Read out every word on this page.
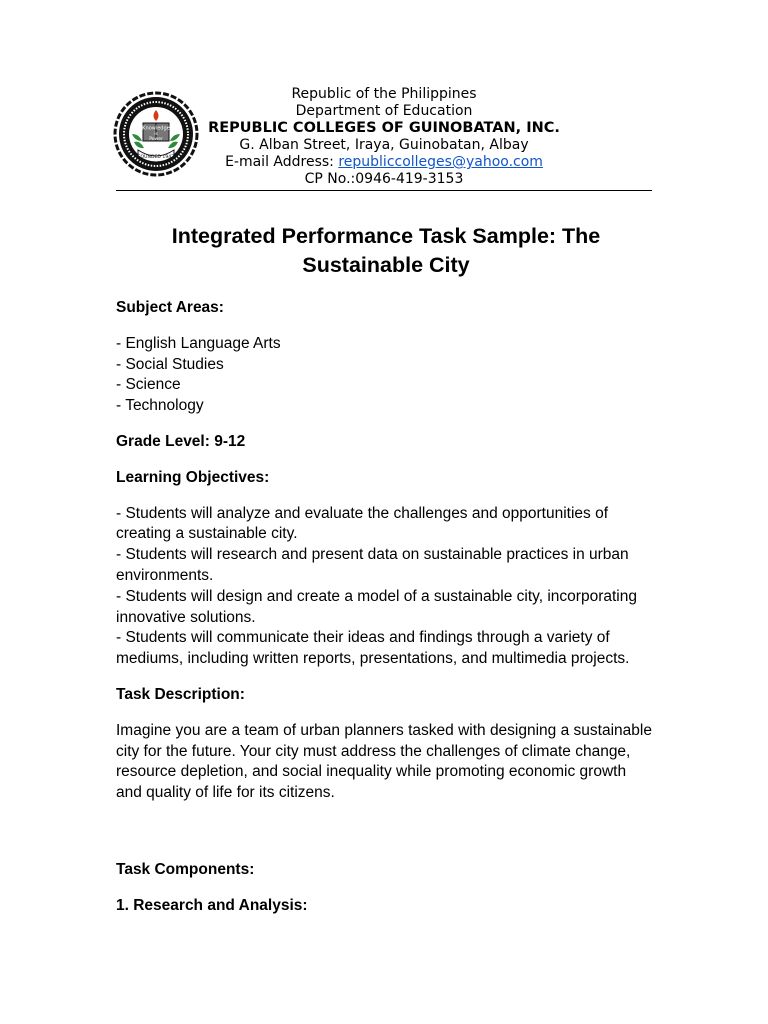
Knowledge
is
Power
FOUNDED 1947
Republic of the Philippines
Department of Education
REPUBLIC COLLEGES OF GUINOBATAN, INC.
G. Alban Street, Iraya, Guinobatan, Albay
E-mail Address: republiccolleges@yahoo.com
CP No.:0946-419-3153
Integrated Performance Task Sample: The Sustainable City
Subject Areas:
- English Language Arts
- Social Studies
- Science
- Technology
Grade Level: 9-12
Learning Objectives:
- Students will analyze and evaluate the challenges and opportunities of creating a sustainable city.
- Students will research and present data on sustainable practices in urban environments.
- Students will design and create a model of a sustainable city, incorporating innovative solutions.
- Students will communicate their ideas and findings through a variety of mediums, including written reports, presentations, and multimedia projects.
Task Description:
Imagine you are a team of urban planners tasked with designing a sustainable city for the future. Your city must address the challenges of climate change, resource depletion, and social inequality while promoting economic growth and quality of life for its citizens.
Task Components:
1. Research and Analysis:
